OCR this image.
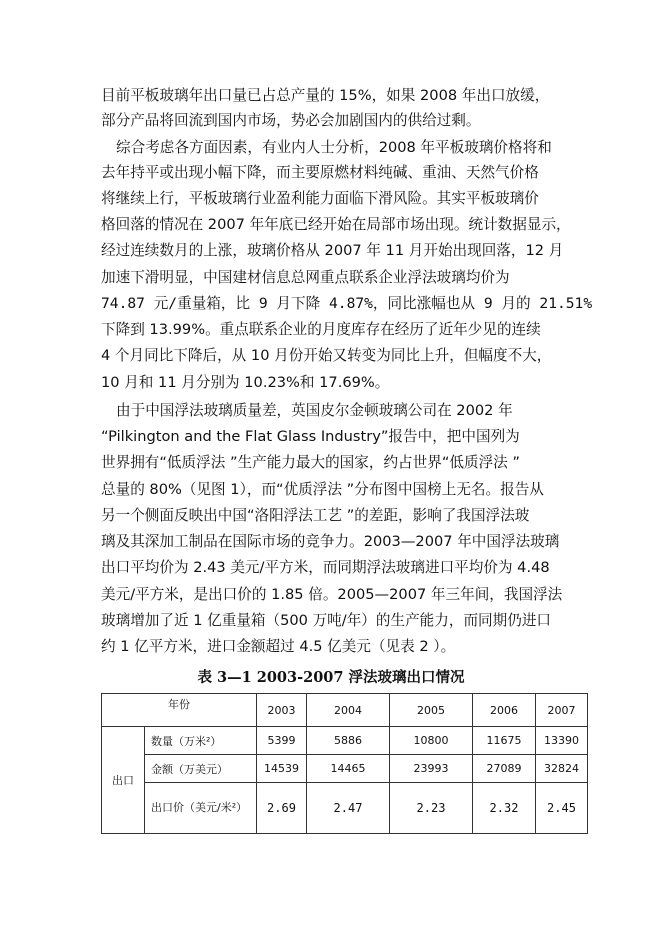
目前平板玻璃年出口量已占总产量的 15%，如果 2008 年出口放缓，
部分产品将回流到国内市场，势必会加剧国内的供给过剩。
综合考虑各方面因素，有业内人士分析，2008 年平板玻璃价格将和
去年持平或出现小幅下降，而主要原燃材料纯碱、重油、天然气价格
将继续上行，平板玻璃行业盈利能力面临下滑风险。其实平板玻璃价
格回落的情况在 2007 年年底已经开始在局部市场出现。统计数据显示，
经过连续数月的上涨，玻璃价格从 2007 年 11 月开始出现回落，12 月
加速下滑明显，中国建材信息总网重点联系企业浮法玻璃均价为
74.87 元/重量箱，比 9 月下降 4.87%，同比涨幅也从 9 月的 21.51%
下降到 13.99%。重点联系企业的月度库存在经历了近年少见的连续
4 个月同比下降后，从 10 月份开始又转变为同比上升，但幅度不大，
10 月和 11 月分别为 10.23%和 17.69%。
由于中国浮法玻璃质量差，英国皮尔金顿玻璃公司在 2002 年
“Pilkington and the Flat Glass Industry”报告中，把中国列为
世界拥有“低质浮法 ”生产能力最大的国家，约占世界“低质浮法 ”
总量的 80%（见图 1），而“优质浮法 ”分布图中国榜上无名。报告从
另一个侧面反映出中国“洛阳浮法工艺 ”的差距，影响了我国浮法玻
璃及其深加工制品在国际市场的竞争力。2003—2007 年中国浮法玻璃
出口平均价为 2.43 美元/平方米，而同期浮法玻璃进口平均价为 4.48
美元/平方米，是出口价的 1.85 倍。2005—2007 年三年间，我国浮法
玻璃增加了近 1 亿重量箱（500 万吨/年）的生产能力，而同期仍进口
约 1 亿平方米，进口金额超过 4.5 亿美元（见表 2 ）。
表 3—1 2003-2007 浮法玻璃出口情况
年份		2003	2004	2005	2006	2007
出口	数量（万米²）	5399	5886	10800	11675	13390
	金额（万美元）	14539	14465	23993	27089	32824
	出口价（美元/米²）	2.69	2.47	2.23	2.32	2.45
